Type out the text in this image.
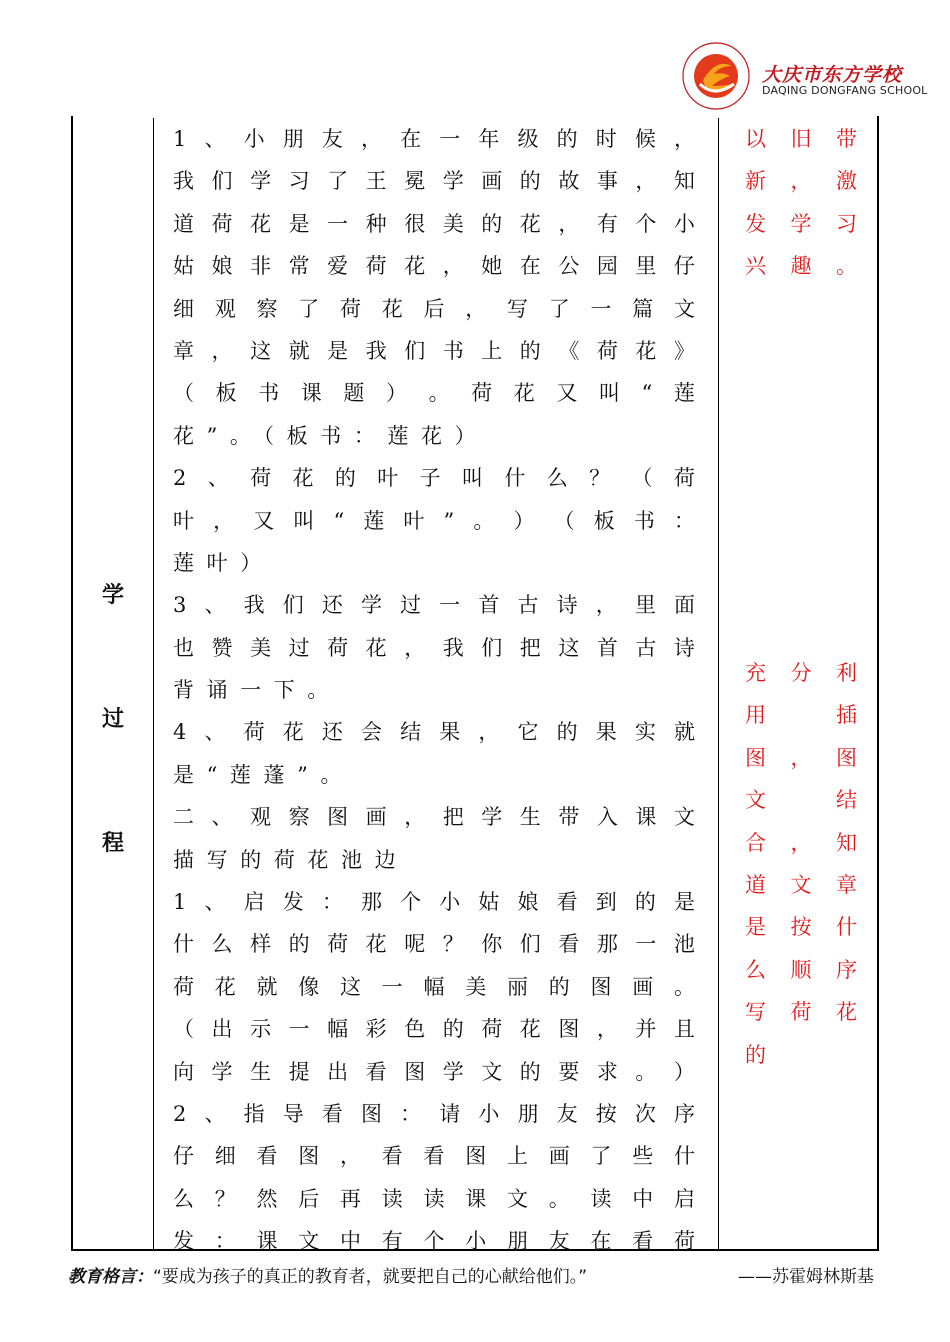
大庆市东方学校
DAQING DONGFANG SCHOOL
学
过
程
1 、 小 朋 友 ， 在 一 年 级 的 时 候 ，
我 们 学 习 了 王 冕 学 画 的 故 事 ， 知
道 荷 花 是 一 种 很 美 的 花 ， 有 个 小
姑 娘 非 常 爱 荷 花 ， 她 在 公 园 里 仔
细 观 察 了 荷 花 后 ， 写 了 一 篇 文
章 ， 这 就 是 我 们 书 上 的 《 荷 花 》
（ 板 书 课 题 ） 。 荷 花 又 叫 “ 莲
花”。（板书：莲花）
2 、 荷 花 的 叶 子 叫 什 么 ？ （ 荷
叶 ， 又 叫 “ 莲 叶 ” 。 ） （ 板 书 ：
莲叶）
3 、 我 们 还 学 过 一 首 古 诗 ， 里 面
也 赞 美 过 荷 花 ， 我 们 把 这 首 古 诗
背诵一下。
4 、 荷 花 还 会 结 果 ， 它 的 果 实 就
是“莲蓬”。
二 、 观 察 图 画 ， 把 学 生 带 入 课 文
描写的荷花池边
1 、 启 发 ： 那 个 小 姑 娘 看 到 的 是
什 么 样 的 荷 花 呢 ？ 你 们 看 那 一 池
荷 花 就 像 这 一 幅 美 丽 的 图 画 。
（ 出 示 一 幅 彩 色 的 荷 花 图 ， 并 且
向 学 生 提 出 看 图 学 文 的 要 求 。 ）
2 、 指 导 看 图 ： 请 小 朋 友 按 次 序
仔 细 看 图 ， 看 看 图 上 画 了 些 什
么 ？ 然 后 再 读 读 课 文 。 读 中 启
发 ： 课 文 中 有 个 小 朋 友 在 看 荷
以 旧 带
新 ， 激
发 学 习
兴 趣 。
充 分 利
用	插
图 ， 图
文	结
合 ， 知
道 文 章
是 按 什
么 顺 序
写 荷 花
的
教育格言：“要成为孩子的真正的教育者，就要把自己的心献给他们。”	——苏霍姆林斯基
